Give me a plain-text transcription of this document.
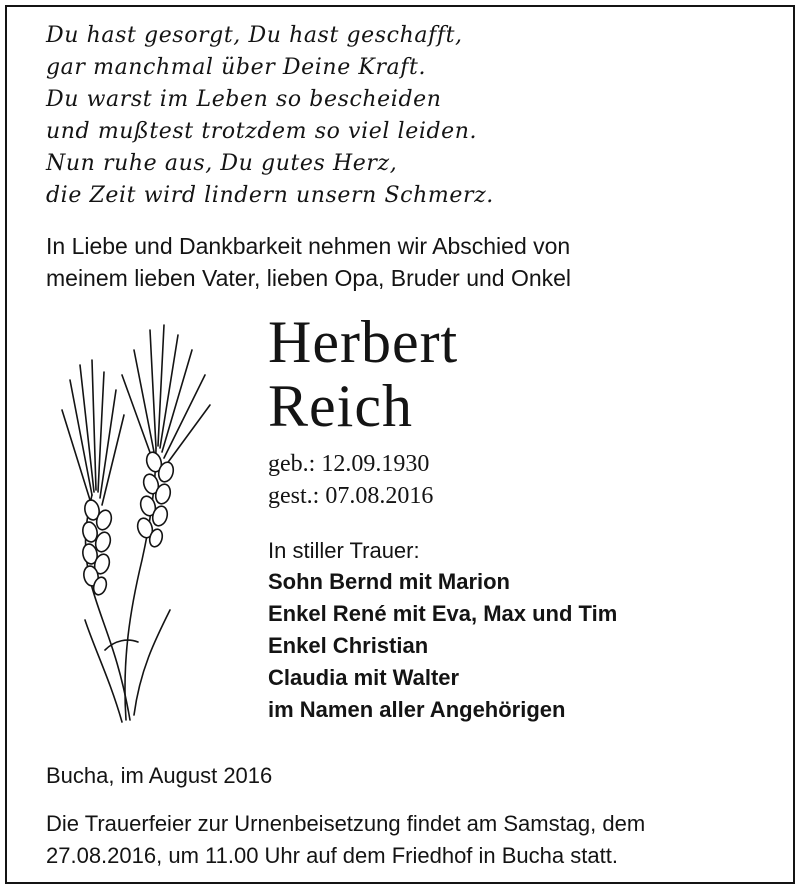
Du hast gesorgt, Du hast geschafft,
gar manchmal über Deine Kraft.
Du warst im Leben so bescheiden
und mußtest trotzdem so viel leiden.
Nun ruhe aus, Du gutes Herz,
die Zeit wird lindern unsern Schmerz.
In Liebe und Dankbarkeit nehmen wir Abschied von
meinem lieben Vater, lieben Opa, Bruder und Onkel
Herbert
Reich
geb.: 12.09.1930
gest.: 07.08.2016
In stiller Trauer:
Sohn Bernd mit Marion
Enkel René mit Eva, Max und Tim
Enkel Christian
Claudia mit Walter
im Namen aller Angehörigen
Bucha, im August 2016
Die Trauerfeier zur Urnenbeisetzung findet am Samstag, dem
27.08.2016, um 11.00 Uhr auf dem Friedhof in Bucha statt.
